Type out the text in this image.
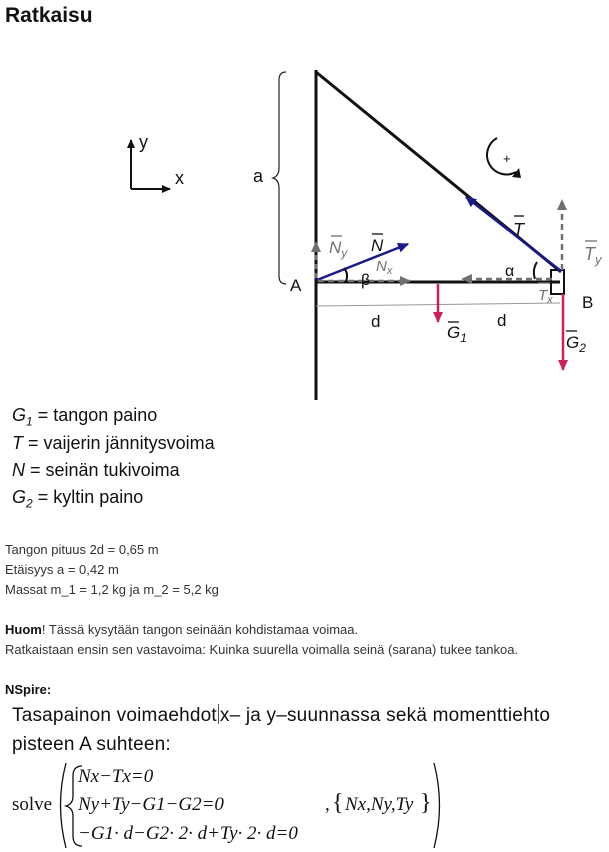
Ratkaisu
y
x	a
+
T
$T_y$
$T_x$
α
N
$N_y$
$N_x$
β
A
B
$G_1$	$G_2$
d	d
$G_1$ = tangon paino
T = vaijerin jännitysvoima
N = seinän tukivoima
$G_2$ = kyltin paino
Tangon pituus 2d = 0,65 m
Etäisyys a = 0,42 m
Massat m_1 = 1,2 kg ja m_2 = 5,2 kg
Huom! Tässä kysytään tangon seinään kohdistamaa voimaa.
Ratkaistaan ensin sen vastavoima: Kuinka suurella voimalla seinä (sarana) tukee tankoa.
NSpire:
Tasapainon voimaehdot x– ja y–suunnassa sekä momenttiehto
pisteen A suhteen:
solve
Nx−Tx=0
Ny+Ty−G1−G2=0
−G1· d−G2· 2· d+Ty· 2· d=0
, { Nx,Ny,Ty }
